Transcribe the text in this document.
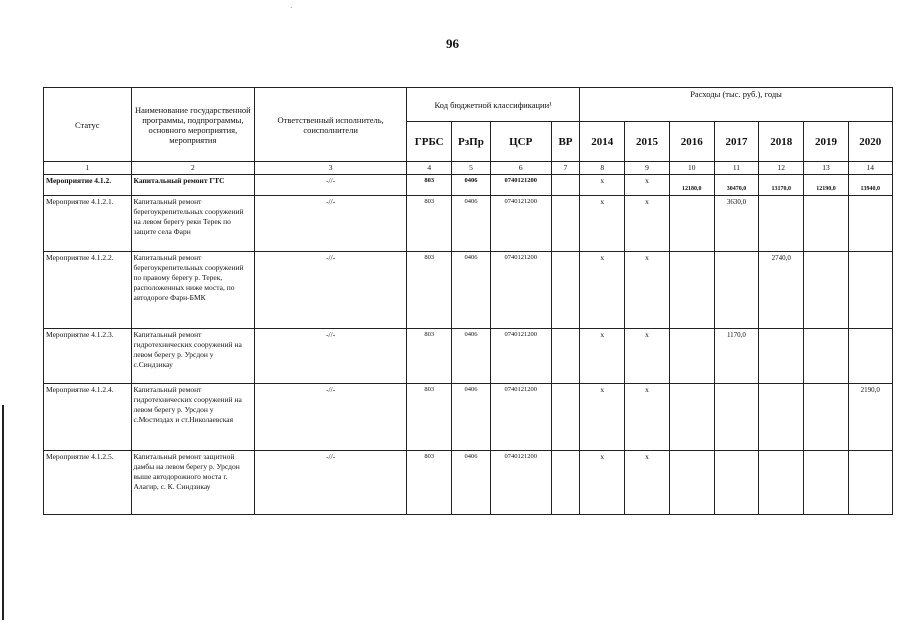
·
96
Статус	Наименование государственной программы, подпрограммы, основного мероприятия, мероприятия	Ответственный исполнитель, соисполнители	Код бюджетной классификации¹				Расходы (тыс. руб.), годы						
			ГРБС	РзПр	ЦСР	ВР	2014	2015	2016	2017	2018	2019	2020
1	2	3	4	5	6	7	8	9	10	11	12	13	14
Мероприятие 4.1.2.	Капитальный ремонт ГТС	-//-	803	0406	0740121200		х	х	12180,0	30470,0	13170,0	12190,0	13940,0
Мероприятие 4.1.2.1.	Капитальный ремонт берегоукрепительных сооружений на левом берегу реки Терек по защите села Фарн	-//-	803	0406	0740121200		х	х		3630,0			
Мероприятие 4.1.2.2.	Капитальный ремонт берегоукрепительных сооружений по правому берегу р. Терек, расположенных ниже моста, по автодороге Фарн-БМК	-//-	803	0406	0740121200		х	х			2740,0		
Мероприятие 4.1.2.3.	Капитальный ремонт гидротехнических сооружений на левом берегу р. Урсдон у с.Синдзикау	-//-	803	0406	0740121200		х	х		1170,0			
Мероприятие 4.1.2.4.	Капитальный ремонт гидротехнических сооружений на левом берегу р. Урсдон у с.Мостиздах и ст.Николаевская	-//-	803	0406	0740121200		х	х					2190,0
Мероприятие 4.1.2.5.	Капитальный ремонт защитной дамбы на левом берегу р. Урсдон выше автодорожного моста г. Алагир, с. К. Синдзикау	-//-	803	0406	0740121200		х	х					
